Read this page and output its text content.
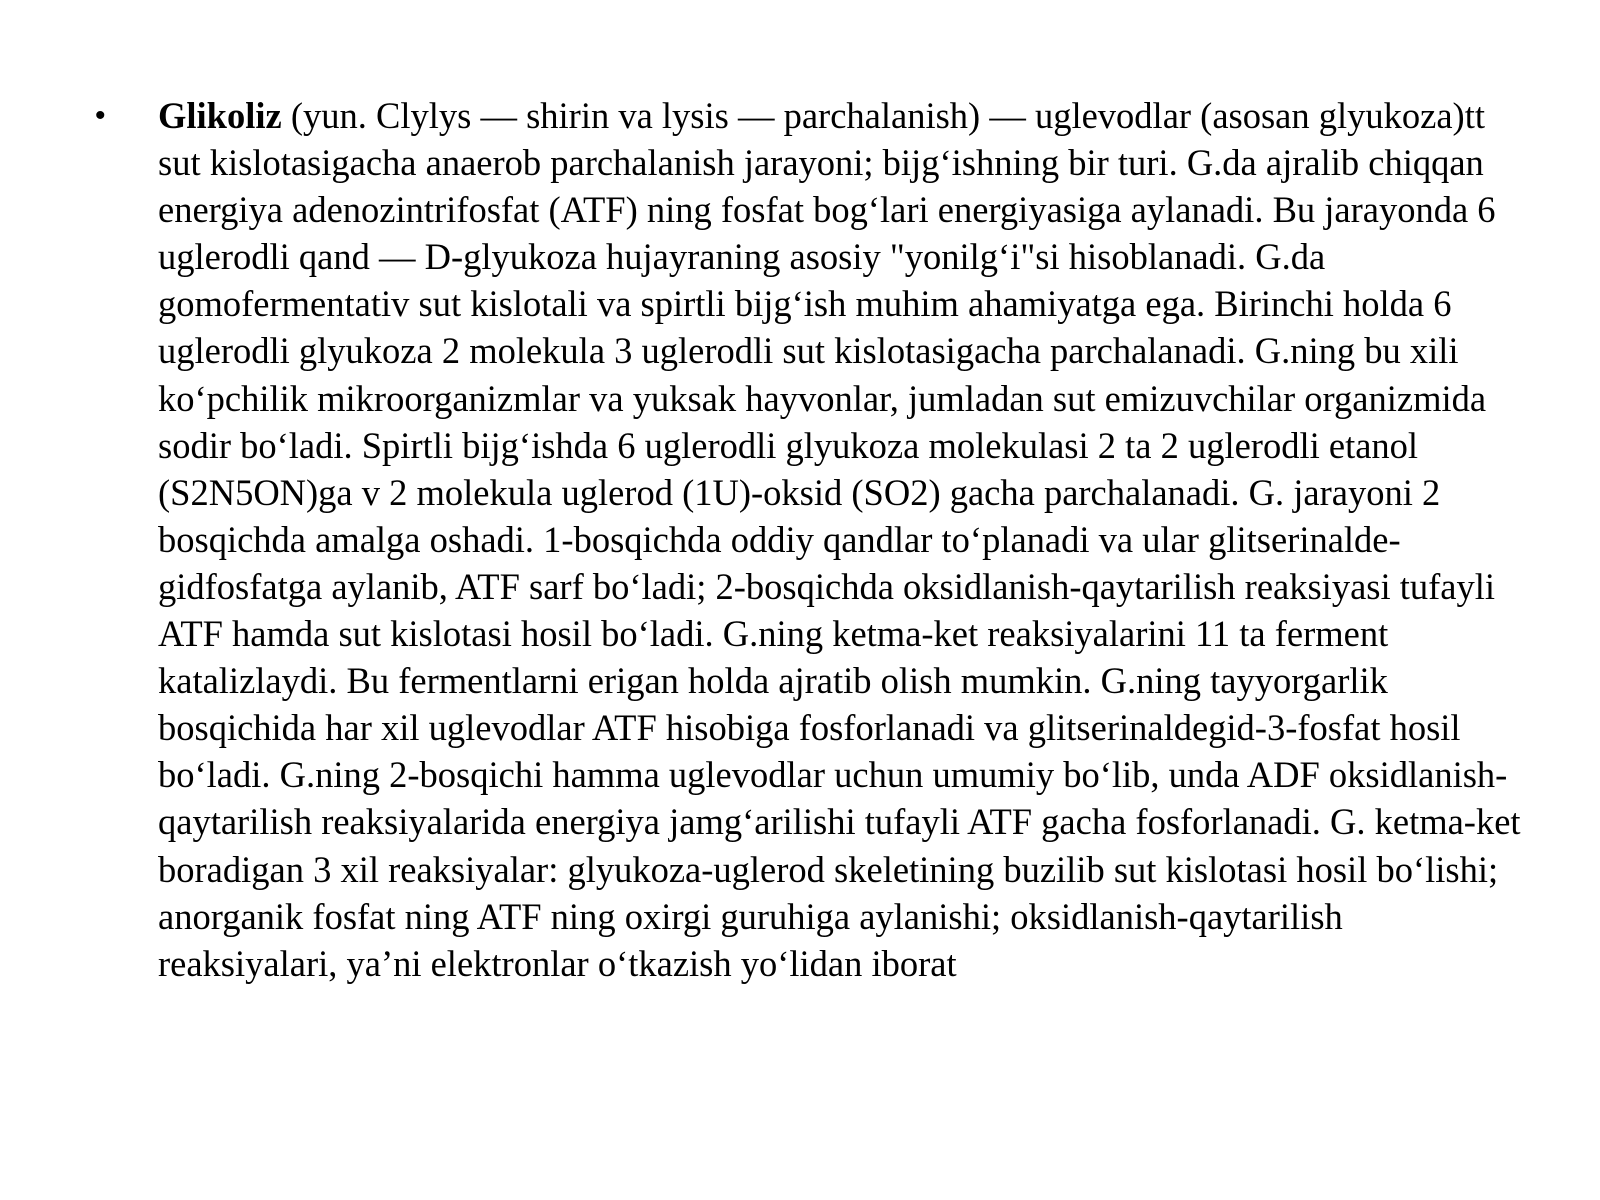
• Glikoliz (yun. Clylys — shirin va lysis — parchalanish) — uglevodlar (asosan glyukoza)tt sut kislotasigacha anaerob parchalanish jarayoni; bijg‘ishning bir turi. G.da ajralib chiqqan energiya adenozintrifosfat (ATF) ning fosfat bog‘lari energiyasiga aylanadi. Bu jarayonda 6 uglerodli qand — D-glyukoza hujayraning asosiy "yonilg‘i"si hisoblanadi. G.da gomofermentativ sut kislotali va spirtli bijg‘ish muhim ahamiyatga ega. Birinchi holda 6 uglerodli glyukoza 2 molekula 3 uglerodli sut kislotasigacha parchalanadi. G.ning bu xili ko‘pchilik mikroorganizmlar va yuksak hayvonlar, jumladan sut emizuvchilar organizmida sodir bo‘ladi. Spirtli bijg‘ishda 6 uglerodli glyukoza molekulasi 2 ta 2 uglerodli etanol (S2N5ON)ga v 2 molekula uglerod (1U)-oksid (SO2) gacha parchalanadi. G. jarayoni 2 bosqichda amalga oshadi. 1-bosqichda oddiy qandlar to‘planadi va ular glitserinalde-gidfosfatga aylanib, ATF sarf bo‘ladi; 2-bosqichda oksidlanish-qaytarilish reaksiyasi tufayli ATF hamda sut kislotasi hosil bo‘ladi. G.ning ketma-ket reaksiyalarini 11 ta ferment katalizlaydi. Bu fermentlarni erigan holda ajratib olish mumkin. G.ning tayyorgarlik bosqichida har xil uglevodlar ATF hisobiga fosforlanadi va glitserinaldegid-3-fosfat hosil bo‘ladi. G.ning 2-bosqichi hamma uglevodlar uchun umumiy bo‘lib, unda ADF oksidlanish-qaytarilish reaksiyalarida energiya jamg‘arilishi tufayli ATF gacha fosforlanadi. G. ketma-ket boradigan 3 xil reaksiyalar: glyukoza-uglerod skeletining buzilib sut kislotasi hosil bo‘lishi; anorganik fosfat ning ATF ning oxirgi guruhiga aylanishi; oksidlanish-qaytarilish reaksiyalari, ya’ni elektronlar o‘tkazish yo‘lidan iborat
